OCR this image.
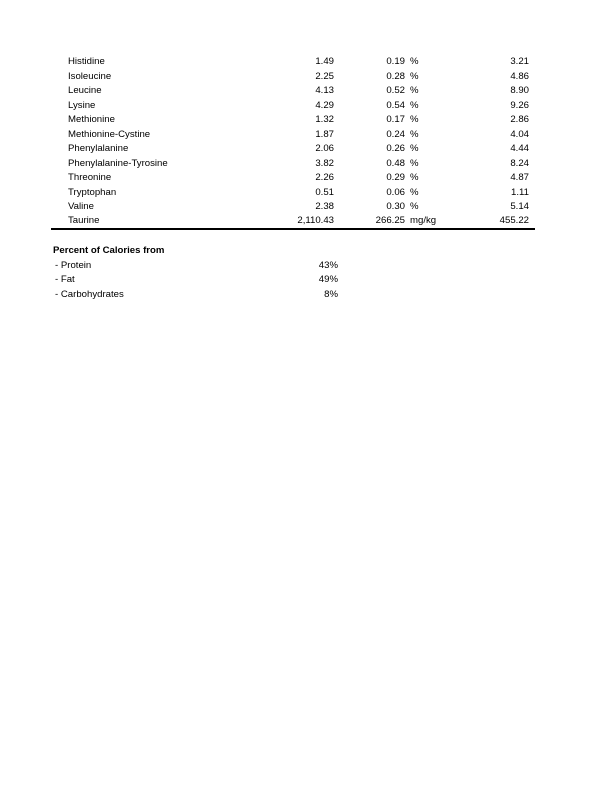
Histidine	1.49	0.19 %	3.21
Isoleucine	2.25	0.28 %	4.86
Leucine	4.13	0.52 %	8.90
Lysine	4.29	0.54 %	9.26
Methionine	1.32	0.17 %	2.86
Methionine-Cystine	1.87	0.24 %	4.04
Phenylalanine	2.06	0.26 %	4.44
Phenylalanine-Tyrosine	3.82	0.48 %	8.24
Threonine	2.26	0.29 %	4.87
Tryptophan	0.51	0.06 %	1.11
Valine	2.38	0.30 %	5.14
Taurine	2,110.43	266.25 mg/kg	455.22
Percent of Calories from
- Protein	43%
- Fat	49%
- Carbohydrates	8%
